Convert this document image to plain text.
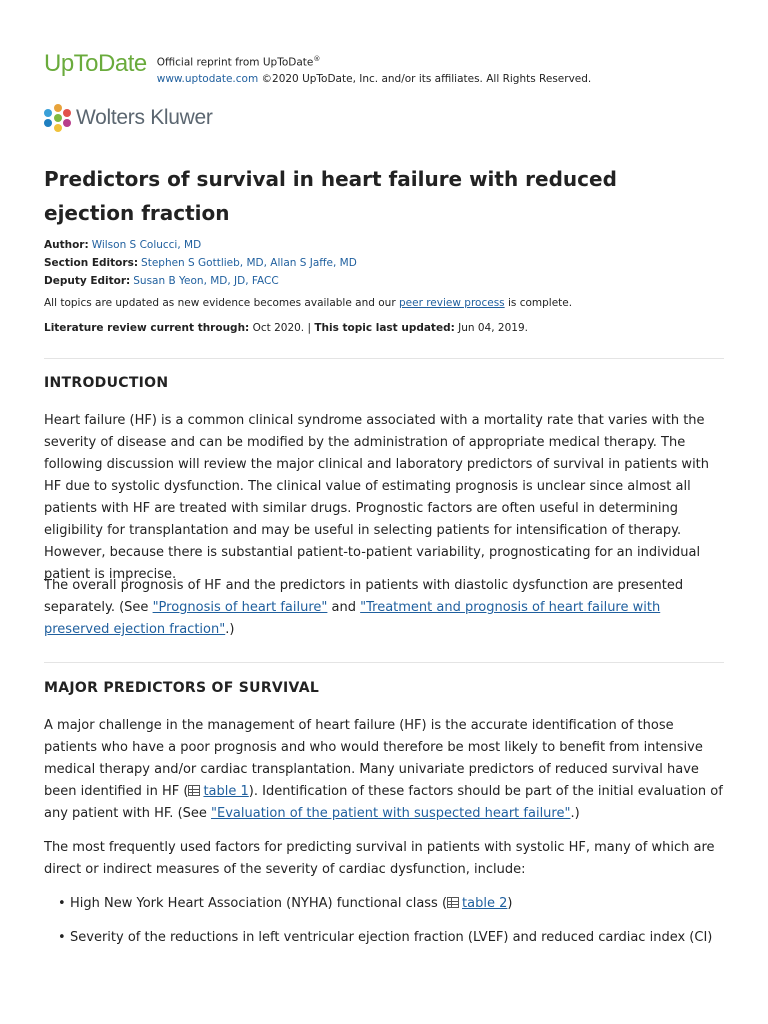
UpToDate Official reprint from UpToDate®
www.uptodate.com ©2020 UpToDate, Inc. and/or its affiliates. All Rights Reserved.
Wolters Kluwer
Predictors of survival in heart failure with reduced ejection fraction
Author: Wilson S Colucci, MD
Section Editors: Stephen S Gottlieb, MD, Allan S Jaffe, MD
Deputy Editor: Susan B Yeon, MD, JD, FACC
All topics are updated as new evidence becomes available and our peer review process is complete.
Literature review current through: Oct 2020. | This topic last updated: Jun 04, 2019.
INTRODUCTION

Heart failure (HF) is a common clinical syndrome associated with a mortality rate that varies with the severity of disease and can be modified by the administration of appropriate medical therapy. The following discussion will review the major clinical and laboratory predictors of survival in patients with HF due to systolic dysfunction. The clinical value of estimating prognosis is unclear since almost all patients with HF are treated with similar drugs. Prognostic factors are often useful in determining eligibility for transplantation and may be useful in selecting patients for intensification of therapy. However, because there is substantial patient-to-patient variability, prognosticating for an individual patient is imprecise.

The overall prognosis of HF and the predictors in patients with diastolic dysfunction are presented separately. (See "Prognosis of heart failure" and "Treatment and prognosis of heart failure with preserved ejection fraction".)

MAJOR PREDICTORS OF SURVIVAL

A major challenge in the management of heart failure (HF) is the accurate identification of those patients who have a poor prognosis and who would therefore be most likely to benefit from intensive medical therapy and/or cardiac transplantation. Many univariate predictors of reduced survival have been identified in HF ( table 1). Identification of these factors should be part of the initial evaluation of any patient with HF. (See "Evaluation of the patient with suspected heart failure".)

The most frequently used factors for predicting survival in patients with systolic HF, many of which are direct or indirect measures of the severity of cardiac dysfunction, include:

• High New York Heart Association (NYHA) functional class ( table 2)
• Severity of the reductions in left ventricular ejection fraction (LVEF) and reduced cardiac index (CI)
